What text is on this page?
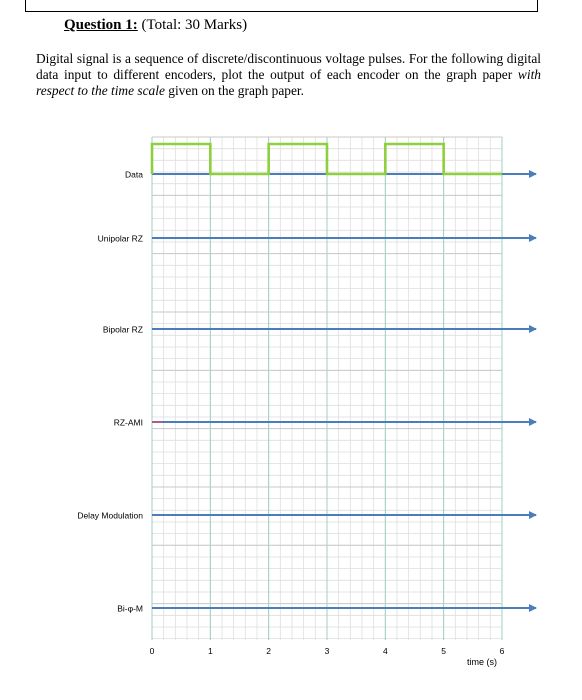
Question 1: (Total: 30 Marks)
Digital signal is a sequence of discrete/discontinuous voltage pulses. For the following digital data input to different encoders, plot the output of each encoder on the graph paper with respect to the time scale given on the graph paper.
Data
Unipolar RZ
Bipolar RZ
RZ-AMI
Delay Modulation
Bi-φ-M
0	1	2	3	4	5	6
time (s)
